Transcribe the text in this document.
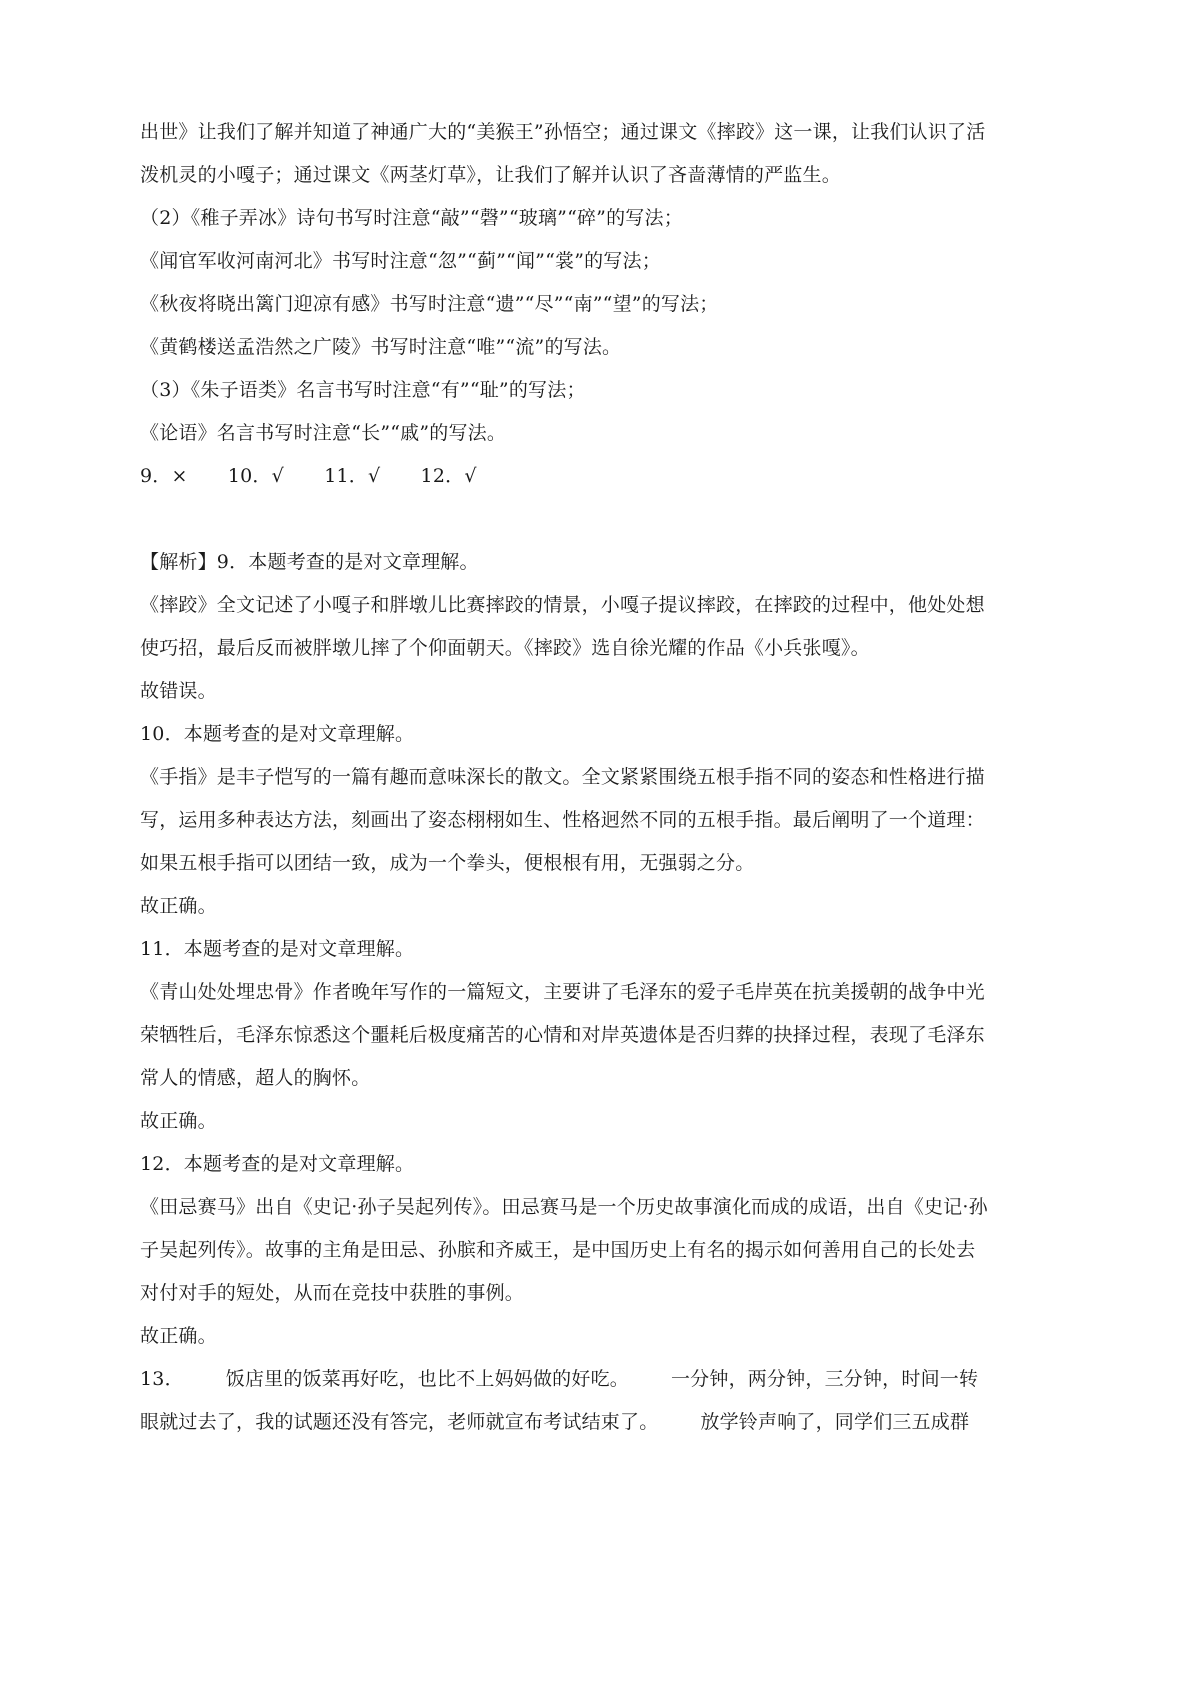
出世》让我们了解并知道了神通广大的“美猴王”孙悟空；通过课文《摔跤》这一课，让我们认识了活
泼机灵的小嘎子；通过课文《两茎灯草》，让我们了解并认识了吝啬薄情的严监生。
（2）《稚子弄冰》诗句书写时注意“敲”“磬”“玻璃”“碎”的写法；
《闻官军收河南河北》书写时注意“忽”“蓟”“闻”“裳”的写法；
《秋夜将晓出篱门迎凉有感》书写时注意“遗”“尽”“南”“望”的写法；
《黄鹤楼送孟浩然之广陵》书写时注意“唯”“流”的写法。
（3）《朱子语类》名言书写时注意“有”“耻”的写法；
《论语》名言书写时注意“长”“戚”的写法。
9．× 10．√ 11．√ 12．√
【解析】9．本题考查的是对文章理解。
《摔跤》全文记述了小嘎子和胖墩儿比赛摔跤的情景，小嘎子提议摔跤，在摔跤的过程中，他处处想
使巧招，最后反而被胖墩儿摔了个仰面朝天。《摔跤》选自徐光耀的作品《小兵张嘎》。
故错误。
10．本题考查的是对文章理解。
《手指》是丰子恺写的一篇有趣而意味深长的散文。全文紧紧围绕五根手指不同的姿态和性格进行描
写，运用多种表达方法，刻画出了姿态栩栩如生、性格迥然不同的五根手指。最后阐明了一个道理：
如果五根手指可以团结一致，成为一个拳头，便根根有用，无强弱之分。
故正确。
11．本题考查的是对文章理解。
《青山处处埋忠骨》作者晚年写作的一篇短文，主要讲了毛泽东的爱子毛岸英在抗美援朝的战争中光
荣牺牲后，毛泽东惊悉这个噩耗后极度痛苦的心情和对岸英遗体是否归葬的抉择过程，表现了毛泽东
常人的情感，超人的胸怀。
故正确。
12．本题考查的是对文章理解。
《田忌赛马》出自《史记·孙子吴起列传》。田忌赛马是一个历史故事演化而成的成语，出自《史记·孙
子吴起列传》。故事的主角是田忌、孙膑和齐威王，是中国历史上有名的揭示如何善用自己的长处去
对付对手的短处，从而在竞技中获胜的事例。
故正确。
13． 饭店里的饭菜再好吃，也比不上妈妈做的好吃。 一分钟，两分钟，三分钟，时间一转
眼就过去了，我的试题还没有答完，老师就宣布考试结束了。 放学铃声响了，同学们三五成群
